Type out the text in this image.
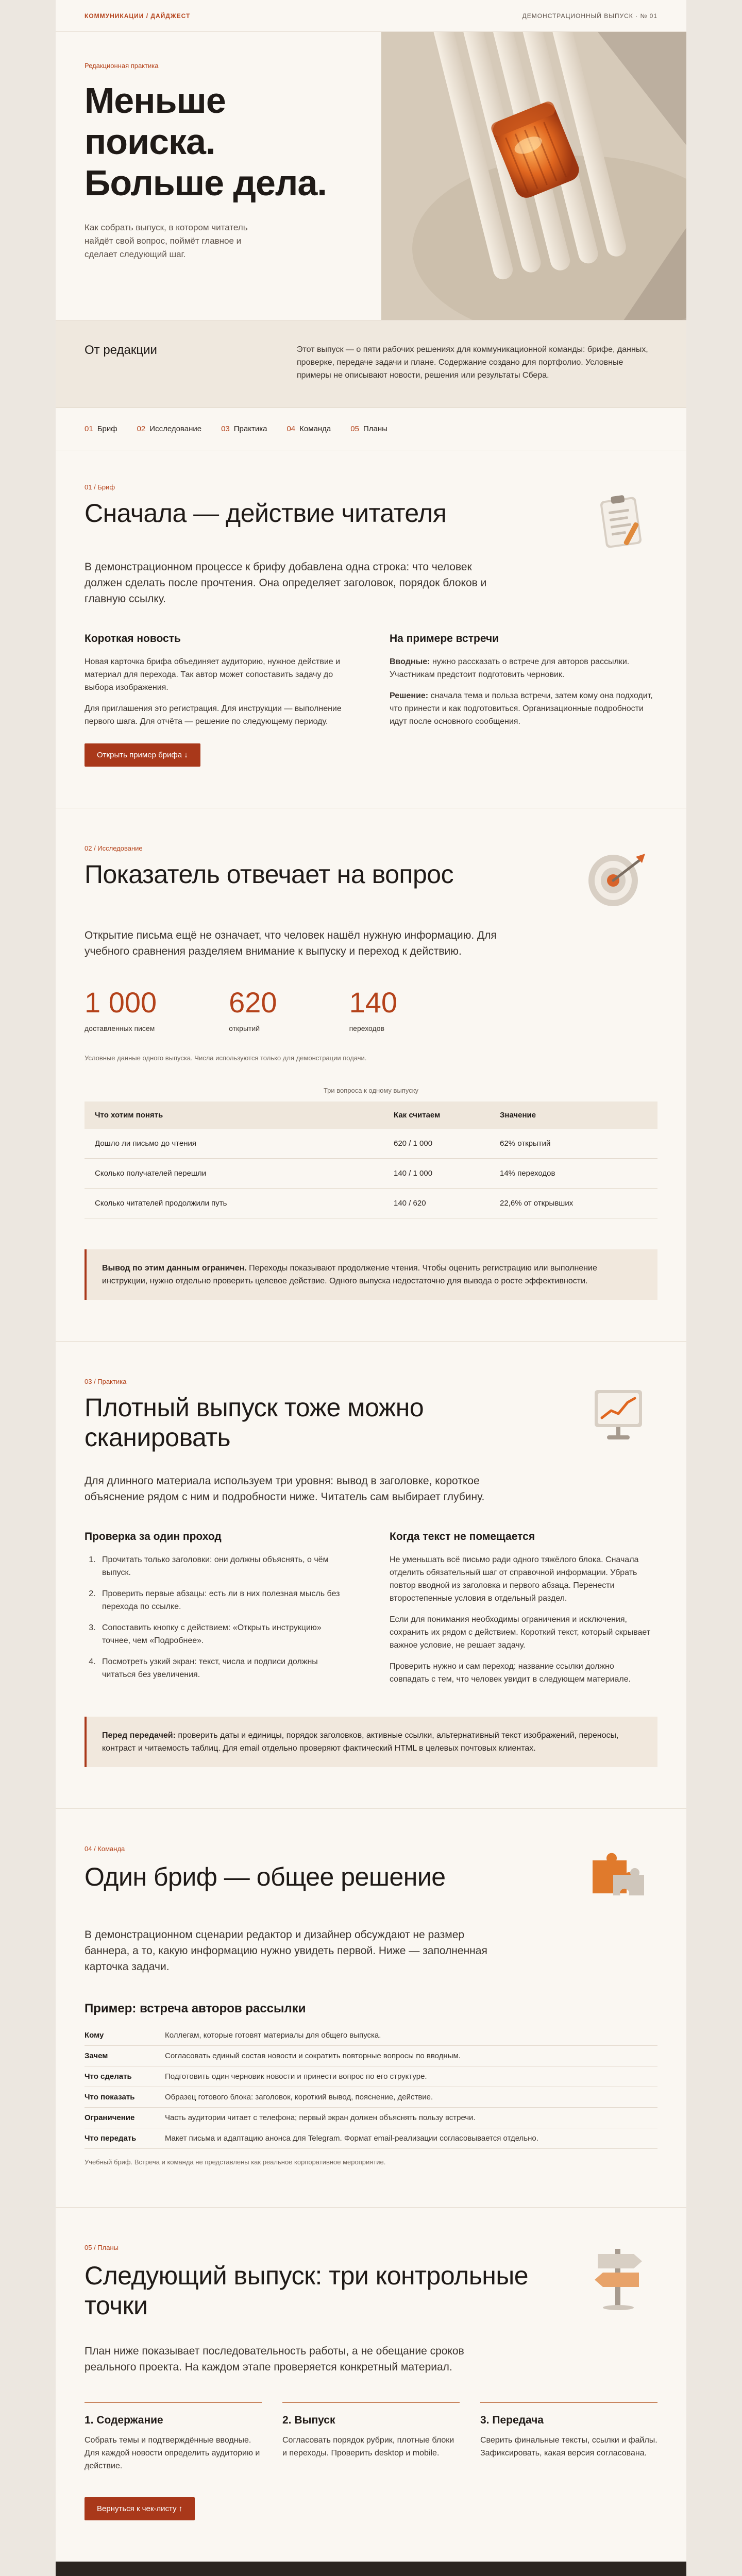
КОММУНИКАЦИИ / ДАЙДЖЕСТ	ДЕМОНСТРАЦИОННЫЙ ВЫПУСК · № 01
Редакционная практика
Меньше
поиска.
Больше дела.

Как собрать выпуск, в котором читатель найдёт свой вопрос, поймёт главное и сделает следующий шаг.

От редакции	Этот выпуск — о пяти рабочих решениях для коммуникационной команды: брифе, данных, проверке, передаче задачи и плане. Содержание создано для портфолио. Условные примеры не описывают новости, решения или результаты Сбера.

01 Бриф	02 Исследование	03 Практика	04 Команда	05 Планы
01 / Бриф
Сначала — действие читателя

В демонстрационном процессе к брифу добавлена одна строка: что человек должен сделать после прочтения. Она определяет заголовок, порядок блоков и главную ссылку.

Короткая новость

Новая карточка брифа объединяет аудиторию, нужное действие и материал для перехода. Так автор может сопоставить задачу до выбора изображения.

Для приглашения это регистрация. Для инструкции — выполнение первого шага. Для отчёта — решение по следующему периоду.

Открыть пример брифа ↓
На примере встречи

Вводные: нужно рассказать о встрече для авторов рассылки. Участникам предстоит подготовить черновик.

Решение: сначала тема и польза встречи, затем кому она подходит, что принести и как подготовиться. Организационные подробности идут после основного сообщения.

02 / Исследование
Показатель отвечает на вопрос

Открытие письма ещё не означает, что человек нашёл нужную информацию. Для учебного сравнения разделяем внимание к выпуску и переход к действию.

1 000
доставленных писем
620
открытий
140
переходов

Условные данные одного выпуска. Числа используются только для демонстрации подачи.

Три вопроса к одному выпуску
Что хотим понять	Как считаем	Значение
Дошло ли письмо до чтения	620 / 1 000	62% открытий
Сколько получателей перешли	140 / 1 000	14% переходов
Сколько читателей продолжили путь	140 / 620	22,6% от открывших
Вывод по этим данным ограничен. Переходы показывают продолжение чтения. Чтобы оценить регистрацию или выполнение инструкции, нужно отдельно проверить целевое действие. Одного выпуска недостаточно для вывода о росте эффективности.
03 / Практика
Плотный выпуск тоже можно сканировать

Для длинного материала используем три уровня: вывод в заголовке, короткое объяснение рядом с ним и подробности ниже. Читатель сам выбирает глубину.

Проверка за один проход
1. Прочитать только заголовки: они должны объяснять, о чём выпуск.
2. Проверить первые абзацы: есть ли в них полезная мысль без перехода по ссылке.
3. Сопоставить кнопку с действием: «Открыть инструкцию» точнее, чем «Подробнее».
4. Посмотреть узкий экран: текст, числа и подписи должны читаться без увеличения.
Когда текст не помещается

Не уменьшать всё письмо ради одного тяжёлого блока. Сначала отделить обязательный шаг от справочной информации. Убрать повтор вводной из заголовка и первого абзаца. Перенести второстепенные условия в отдельный раздел.

Если для понимания необходимы ограничения и исключения, сохранить их рядом с действием. Короткий текст, который скрывает важное условие, не решает задачу.

Проверить нужно и сам переход: название ссылки должно совпадать с тем, что человек увидит в следующем материале.

Перед передачей: проверить даты и единицы, порядок заголовков, активные ссылки, альтернативный текст изображений, переносы, контраст и читаемость таблиц. Для email отдельно проверяют фактический HTML в целевых почтовых клиентах.
04 / Команда
Один бриф — общее решение

В демонстрационном сценарии редактор и дизайнер обсуждают не размер баннера, а то, какую информацию нужно увидеть первой. Ниже — заполненная карточка задачи.

Пример: встреча авторов рассылки
Кому	Коллегам, которые готовят материалы для общего выпуска.
Зачем	Согласовать единый состав новости и сократить повторные вопросы по вводным.
Что сделать	Подготовить один черновик новости и принести вопрос по его структуре.
Что показать	Образец готового блока: заголовок, короткий вывод, пояснение, действие.
Ограничение	Часть аудитории читает с телефона; первый экран должен объяснять пользу встречи.
Что передать	Макет письма и адаптацию анонса для Telegram. Формат email-реализации согласовывается отдельно.

Учебный бриф. Встреча и команда не представлены как реальное корпоративное мероприятие.

05 / Планы
Следующий выпуск: три контрольные точки

План ниже показывает последовательность работы, а не обещание сроков реального проекта. На каждом этапе проверяется конкретный материал.

1. Содержание

Собрать темы и подтверждённые вводные. Для каждой новости определить аудиторию и действие.

2. Выпуск

Согласовать порядок рубрик, плотные блоки и переходы. Проверить desktop и mobile.

3. Передача

Сверить финальные тексты, ссылки и файлы. Зафиксировать, какая версия согласована.

Вернуться к чек-листу ↑
